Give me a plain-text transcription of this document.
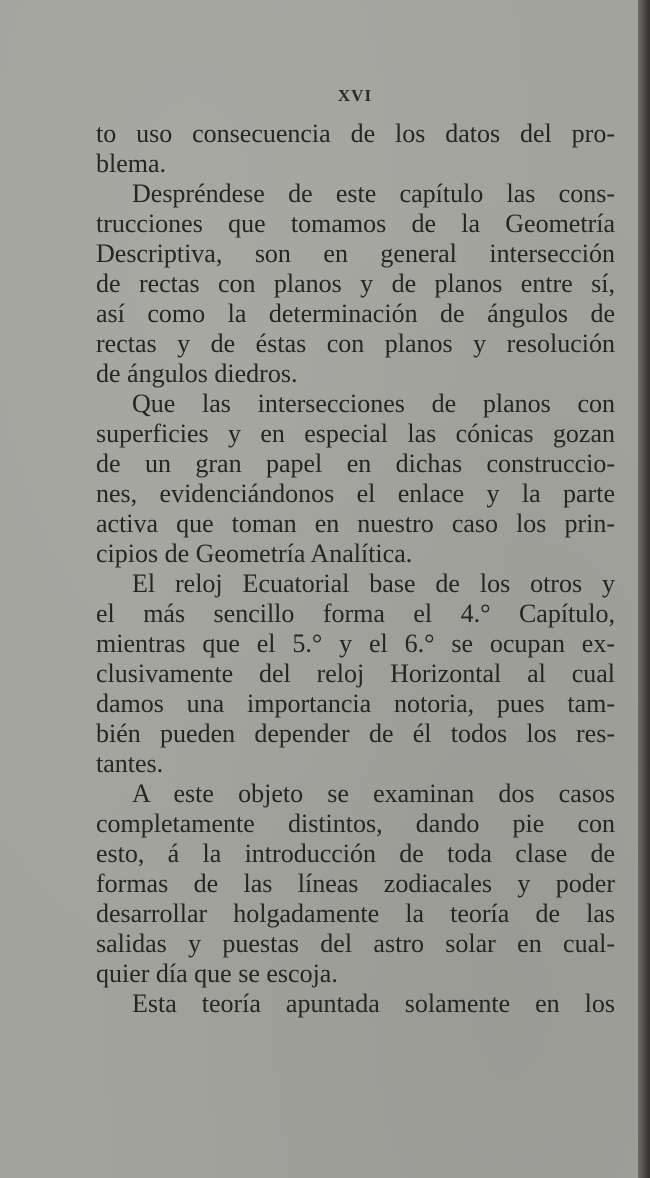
XVI
to uso consecuencia de los datos del pro-
blema.
Despréndese de este capítulo las cons-
trucciones que tomamos de la Geometría
Descriptiva, son en general intersección
de rectas con planos y de planos entre sí,
así como la determinación de ángulos de
rectas y de éstas con planos y resolución
de ángulos diedros.
Que las intersecciones de planos con
superficies y en especial las cónicas gozan
de un gran papel en dichas construccio-
nes, evidenciándonos el enlace y la parte
activa que toman en nuestro caso los prin-
cipios de Geometría Analítica.
El reloj Ecuatorial base de los otros y
el más sencillo forma el 4.° Capítulo,
mientras que el 5.° y el 6.° se ocupan ex-
clusivamente del reloj Horizontal al cual
damos una importancia notoria, pues tam-
bién pueden depender de él todos los res-
tantes.
A este objeto se examinan dos casos
completamente distintos, dando pie con
esto, á la introducción de toda clase de
formas de las líneas zodiacales y poder
desarrollar holgadamente la teoría de las
salidas y puestas del astro solar en cual-
quier día que se escoja.
Esta teoría apuntada solamente en los
